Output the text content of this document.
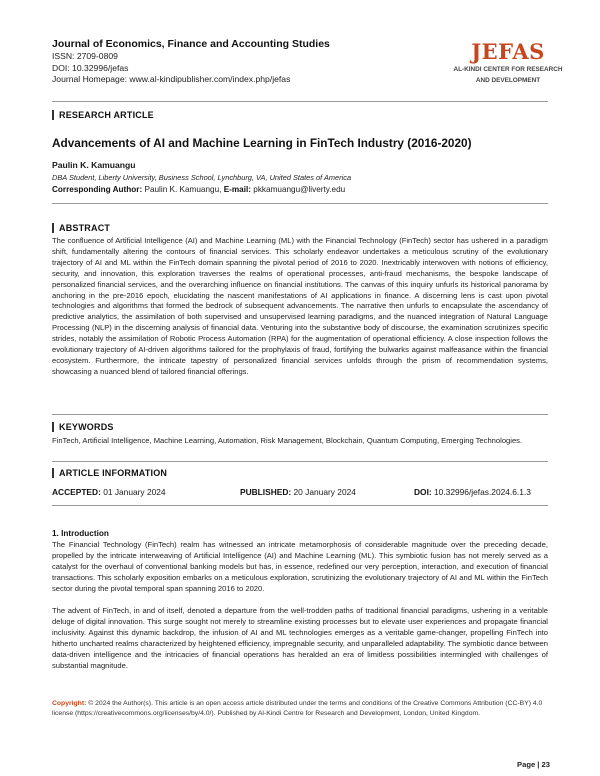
Journal of Economics, Finance and Accounting Studies
ISSN: 2709-0809
DOI: 10.32996/jefas
Journal Homepage: www.al-kindipublisher.com/index.php/jefas
JEFAS
AL-KINDI CENTER FOR RESEARCH
AND DEVELOPMENT
RESEARCH ARTICLE
Advancements of AI and Machine Learning in FinTech Industry (2016-2020)
Paulin K. Kamuangu
DBA Student, Liberty University, Business School, Lynchburg, VA, United States of America
Corresponding Author: Paulin K. Kamuangu, E-mail: pkkamuangu@liverty.edu
ABSTRACT
The confluence of Artificial Intelligence (AI) and Machine Learning (ML) with the Financial Technology (FinTech) sector has ushered in a paradigm shift, fundamentally altering the contours of financial services. This scholarly endeavor undertakes a meticulous scrutiny of the evolutionary trajectory of AI and ML within the FinTech domain spanning the pivotal period of 2016 to 2020. Inextricably interwoven with notions of efficiency, security, and innovation, this exploration traverses the realms of operational processes, anti-fraud mechanisms, the bespoke landscape of personalized financial services, and the overarching influence on financial institutions. The canvas of this inquiry unfurls its historical panorama by anchoring in the pre-2016 epoch, elucidating the nascent manifestations of AI applications in finance. A discerning lens is cast upon pivotal technologies and algorithms that formed the bedrock of subsequent advancements. The narrative then unfurls to encapsulate the ascendancy of predictive analytics, the assimilation of both supervised and unsupervised learning paradigms, and the nuanced integration of Natural Language Processing (NLP) in the discerning analysis of financial data. Venturing into the substantive body of discourse, the examination scrutinizes specific strides, notably the assimilation of Robotic Process Automation (RPA) for the augmentation of operational efficiency. A close inspection follows the evolutionary trajectory of AI-driven algorithms tailored for the prophylaxis of fraud, fortifying the bulwarks against malfeasance within the financial ecosystem. Furthermore, the intricate tapestry of personalized financial services unfolds through the prism of recommendation systems, showcasing a nuanced blend of tailored financial offerings.
KEYWORDS
FinTech, Artificial Intelligence, Machine Learning, Automation, Risk Management, Blockchain, Quantum Computing, Emerging Technologies.
ARTICLE INFORMATION
ACCEPTED: 01 January 2024	PUBLISHED: 20 January 2024	DOI: 10.32996/jefas.2024.6.1.3
1. Introduction
The Financial Technology (FinTech) realm has witnessed an intricate metamorphosis of considerable magnitude over the preceding decade, propelled by the intricate interweaving of Artificial Intelligence (AI) and Machine Learning (ML). This symbiotic fusion has not merely served as a catalyst for the overhaul of conventional banking models but has, in essence, redefined our very perception, interaction, and execution of financial transactions. This scholarly exposition embarks on a meticulous exploration, scrutinizing the evolutionary trajectory of AI and ML within the FinTech sector during the pivotal temporal span spanning 2016 to 2020.
The advent of FinTech, in and of itself, denoted a departure from the well-trodden paths of traditional financial paradigms, ushering in a veritable deluge of digital innovation. This surge sought not merely to streamline existing processes but to elevate user experiences and propagate financial inclusivity. Against this dynamic backdrop, the infusion of AI and ML technologies emerges as a veritable game-changer, propelling FinTech into hitherto uncharted realms characterized by heightened efficiency, impregnable security, and unparalleled adaptability. The symbiotic dance between data-driven intelligence and the intricacies of financial operations has heralded an era of limitless possibilities intermingled with challenges of substantial magnitude.
Copyright: © 2024 the Author(s). This article is an open access article distributed under the terms and conditions of the Creative Commons Attribution (CC-BY) 4.0 license (https://creativecommons.org/licenses/by/4.0/). Published by Al-Kindi Centre for Research and Development, London, United Kingdom.
Page | 23
